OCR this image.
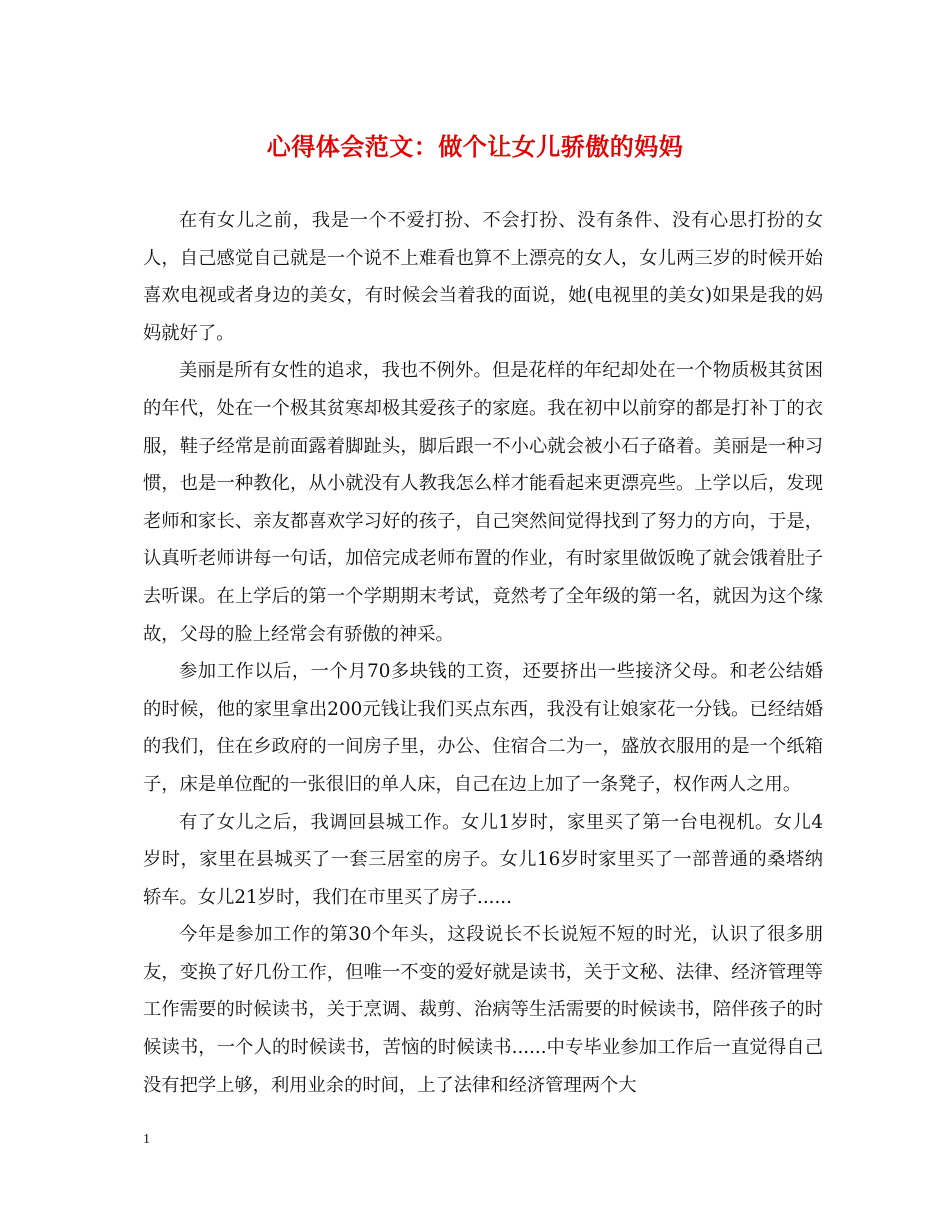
心得体会范文：做个让女儿骄傲的妈妈

在有女儿之前，我是一个不爱打扮、不会打扮、没有条件、没有心思打扮的女人，自己感觉自己就是一个说不上难看也算不上漂亮的女人，女儿两三岁的时候开始喜欢电视或者身边的美女，有时候会当着我的面说，她(电视里的美女)如果是我的妈妈就好了。

美丽是所有女性的追求，我也不例外。但是花样的年纪却处在一个物质极其贫困的年代，处在一个极其贫寒却极其爱孩子的家庭。我在初中以前穿的都是打补丁的衣服，鞋子经常是前面露着脚趾头，脚后跟一不小心就会被小石子硌着。美丽是一种习惯，也是一种教化，从小就没有人教我怎么样才能看起来更漂亮些。上学以后，发现老师和家长、亲友都喜欢学习好的孩子，自己突然间觉得找到了努力的方向，于是，认真听老师讲每一句话，加倍完成老师布置的作业，有时家里做饭晚了就会饿着肚子去听课。在上学后的第一个学期期末考试，竟然考了全年级的第一名，就因为这个缘故，父母的脸上经常会有骄傲的神采。

参加工作以后，一个月70多块钱的工资，还要挤出一些接济父母。和老公结婚的时候，他的家里拿出200元钱让我们买点东西，我没有让娘家花一分钱。已经结婚的我们，住在乡政府的一间房子里，办公、住宿合二为一，盛放衣服用的是一个纸箱子，床是单位配的一张很旧的单人床，自己在边上加了一条凳子，权作两人之用。

有了女儿之后，我调回县城工作。女儿1岁时，家里买了第一台电视机。女儿4岁时，家里在县城买了一套三居室的房子。女儿16岁时家里买了一部普通的桑塔纳轿车。女儿21岁时，我们在市里买了房子......

今年是参加工作的第30个年头，这段说长不长说短不短的时光，认识了很多朋友，变换了好几份工作，但唯一不变的爱好就是读书，关于文秘、法律、经济管理等工作需要的时候读书，关于烹调、裁剪、治病等生活需要的时候读书，陪伴孩子的时候读书，一个人的时候读书，苦恼的时候读书......中专毕业参加工作后一直觉得自己没有把学上够，利用业余的时间，上了法律和经济管理两个大

1
